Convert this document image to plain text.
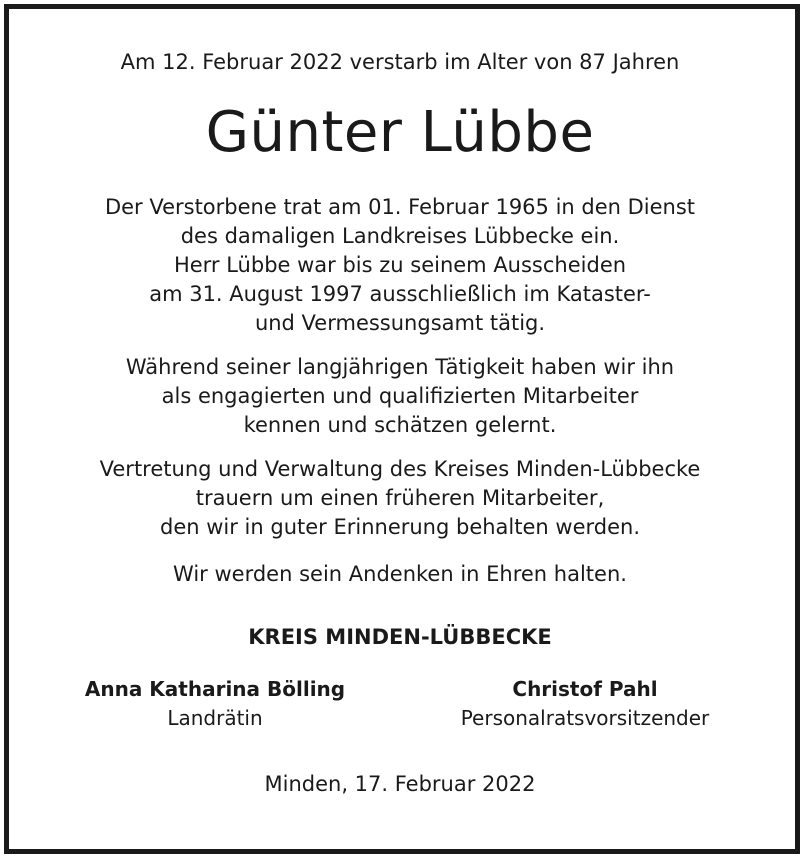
Am 12. Februar 2022 verstarb im Alter von 87 Jahren
Günter Lübbe
Der Verstorbene trat am 01. Februar 1965 in den Dienst
des damaligen Landkreises Lübbecke ein.
Herr Lübbe war bis zu seinem Ausscheiden
am 31. August 1997 ausschließlich im Kataster-
und Vermessungsamt tätig.
Während seiner langjährigen Tätigkeit haben wir ihn
als engagierten und qualifizierten Mitarbeiter
kennen und schätzen gelernt.
Vertretung und Verwaltung des Kreises Minden-Lübbecke
trauern um einen früheren Mitarbeiter,
den wir in guter Erinnerung behalten werden.
Wir werden sein Andenken in Ehren halten.
KREIS MINDEN-LÜBBECKE
Anna Katharina Bölling
Landrätin
Christof Pahl
Personalratsvorsitzender
Minden, 17. Februar 2022
